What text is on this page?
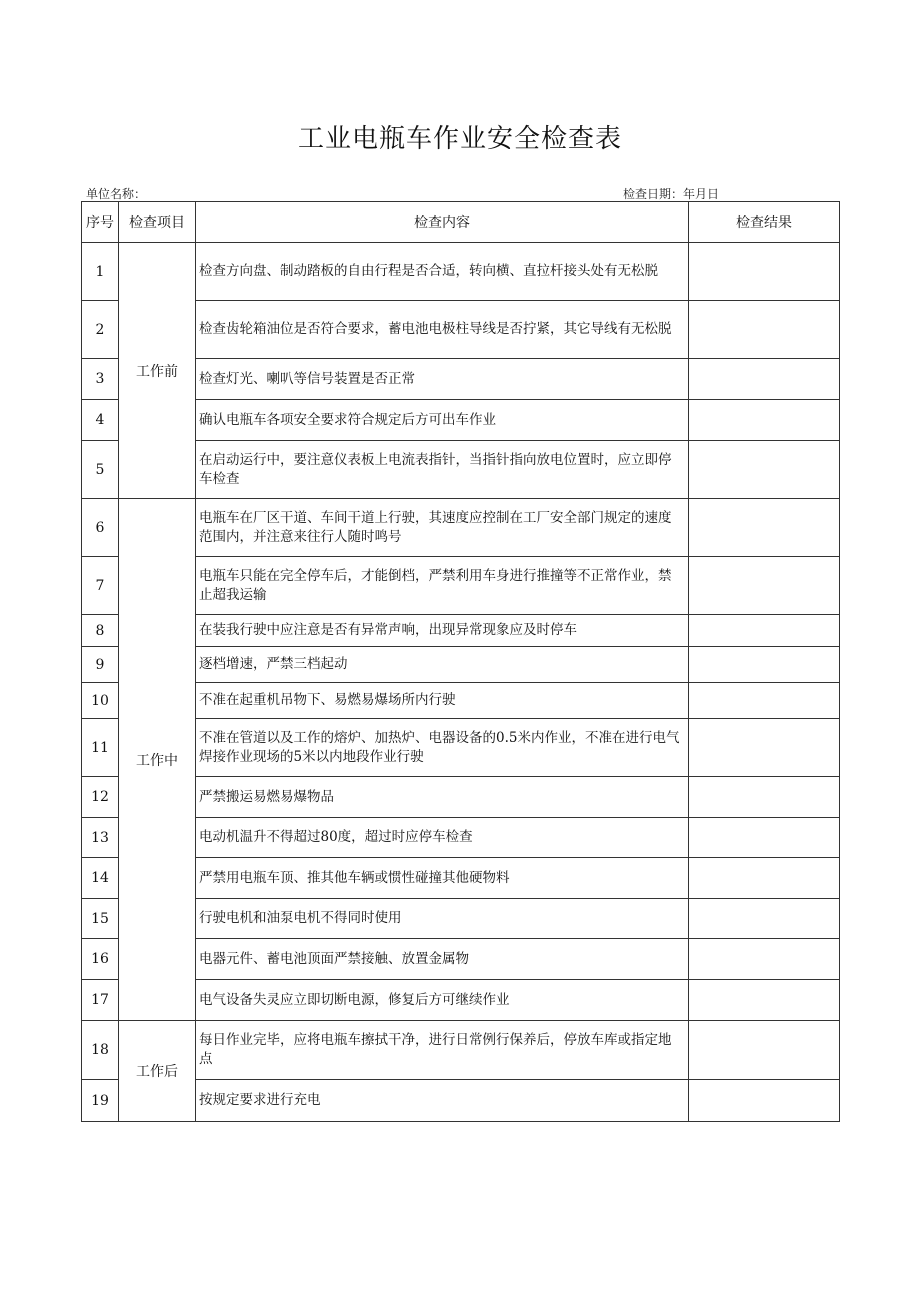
工业电瓶车作业安全检查表
单位名称：	检查日期：年月日
序号	检查项目	检查内容	检查结果
1	工作前	检查方向盘、制动踏板的自由行程是否合适，转向横、直拉杆接头处有无松脱	
2		检查齿轮箱油位是否符合要求，蓄电池电极柱导线是否拧紧，其它导线有无松脱	
3		检查灯光、喇叭等信号装置是否正常	
4		确认电瓶车各项安全要求符合规定后方可出车作业	
5		在启动运行中，要注意仪表板上电流表指针，当指针指向放电位置时，应立即停车检查	
6	工作中	电瓶车在厂区干道、车间干道上行驶，其速度应控制在工厂安全部门规定的速度范围内，并注意来往行人随时鸣号	
7		电瓶车只能在完全停车后，才能倒档，严禁利用车身进行推撞等不正常作业，禁止超我运输	
8		在装我行驶中应注意是否有异常声响，出现异常现象应及时停车	
9		逐档增速，严禁三档起动	
10		不准在起重机吊物下、易燃易爆场所内行驶	
11		不准在管道以及工作的熔炉、加热炉、电器设备的0.5米内作业，不准在进行电气焊接作业现场的5米以内地段作业行驶	
12		严禁搬运易燃易爆物品	
13		电动机温升不得超过80度，超过时应停车检查	
14		严禁用电瓶车顶、推其他车辆或惯性碰撞其他硬物料	
15		行驶电机和油泵电机不得同时使用	
16		电器元件、蓄电池顶面严禁接触、放置金属物	
17		电气设备失灵应立即切断电源，修复后方可继续作业	
18	工作后	每日作业完毕，应将电瓶车擦拭干净，进行日常例行保养后，停放车库或指定地点	
19		按规定要求进行充电	
